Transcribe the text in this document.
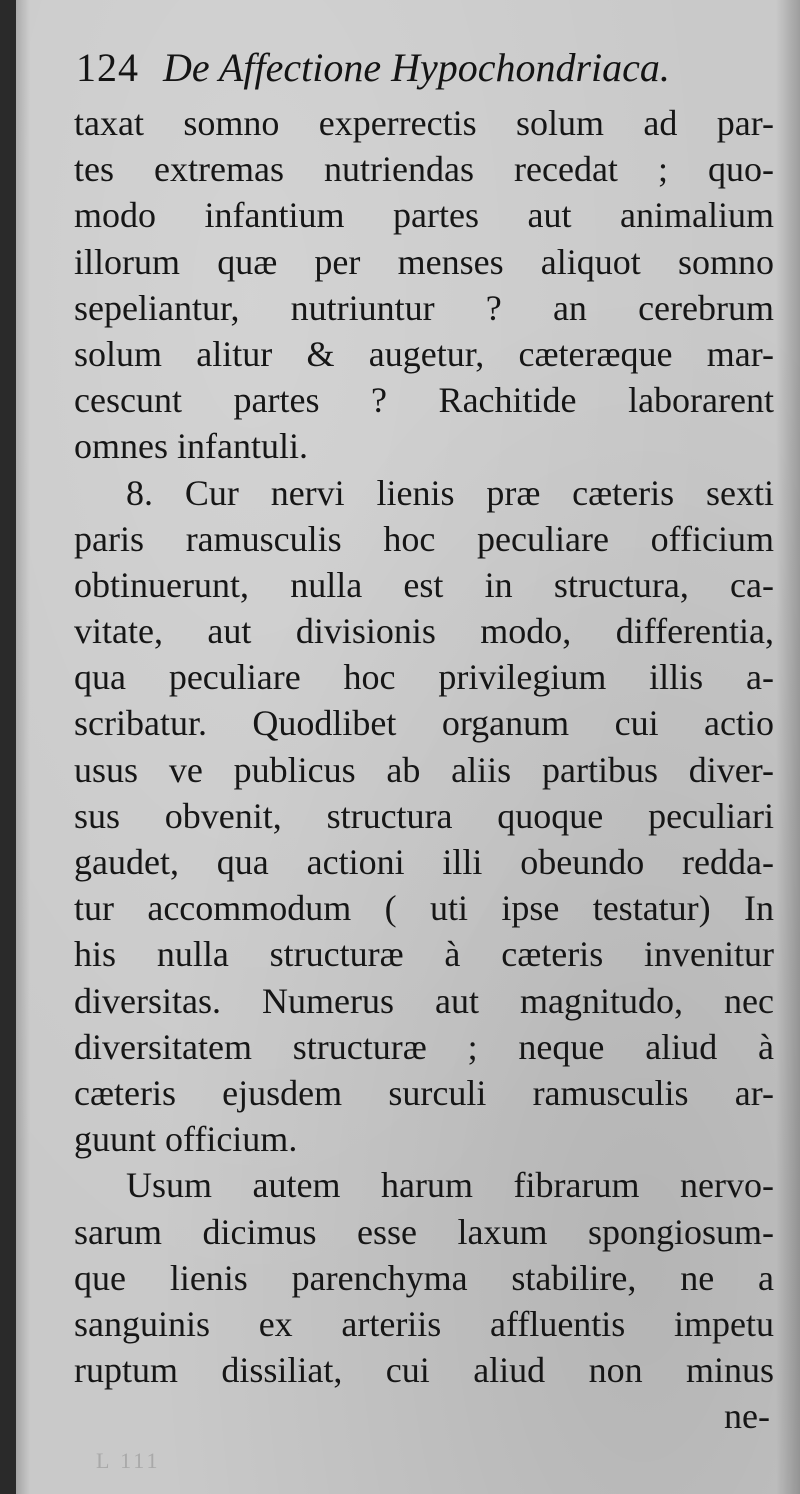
124 De Affectione Hypochondriaca.
taxat somno experrectis solum ad par-
tes extremas nutriendas recedat ; quo-
modo infantium partes aut animalium
illorum quæ per menses aliquot somno
sepeliantur, nutriuntur ? an cerebrum
solum alitur & augetur, cæteræque mar-
cescunt partes ? Rachitide laborarent
omnes infantuli.
8. Cur nervi lienis præ cæteris sexti
paris ramusculis hoc peculiare officium
obtinuerunt, nulla est in structura, ca-
vitate, aut divisionis modo, differentia,
qua peculiare hoc privilegium illis a-
scribatur. Quodlibet organum cui actio
usus ve publicus ab aliis partibus diver-
sus obvenit, structura quoque peculiari
gaudet, qua actioni illi obeundo redda-
tur accommodum ( uti ipse testatur) In
his nulla structuræ à cæteris invenitur
diversitas. Numerus aut magnitudo, nec
diversitatem structuræ ; neque aliud à
cæteris ejusdem surculi ramusculis ar-
guunt officium.
Usum autem harum fibrarum nervo-
sarum dicimus esse laxum spongiosum-
que lienis parenchyma stabilire, ne a
sanguinis ex arteriis affluentis impetu
ruptum dissiliat, cui aliud non minus
ne-
L 111
